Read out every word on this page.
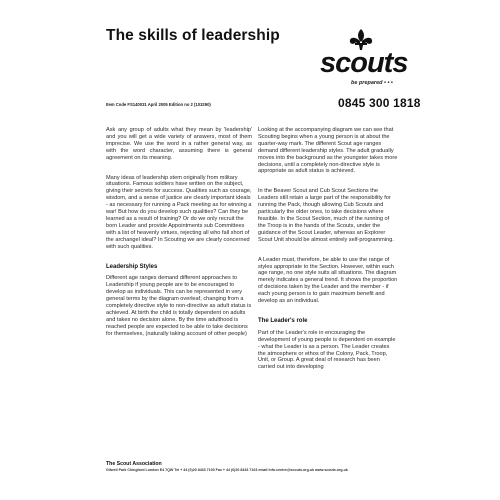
The skills of leadership
scouts
be prepared • • •
Item Code FS140031 April 2005 Edition no 2 (103290)	0845 300 1818

Ask any group of adults what they mean by 'leadership' and you will get a wide variety of answers, most of them imprecise. We use the word in a rather general way, as with the word character, assuming there is general agreement on its meaning.

Many ideas of leadership stem originally from military situations. Famous soldiers have written on the subject, giving their secrets for success. Qualities such as courage, wisdom, and a sense of justice are clearly important ideals - as necessary for running a Pack meeting as for winning a war! But how do you develop such qualities? Can they be learned as a result of training? Or do we only recruit the born Leader and provide Appointments sub Committees with a list of heavenly virtues, rejecting all who fall short of the archangel ideal? In Scouting we are clearly concerned with such qualities.

Leadership Styles

Different age ranges demand different approaches to Leadership if young people are to be encouraged to develop as individuals. This can be represented in very general terms by the diagram overleaf, changing from a completely directive style to non-directive as adult status is achieved. At birth the child is totally dependent on adults and takes no decision alone. By the time adulthood is reached people are expected to be able to take decisions for themselves, (naturally taking account of other people)

Looking at the accompanying diagram we can see that Scouting begins when a young person is at about the quarter-way mark. The different Scout age ranges demand different leadership styles. The adult gradually moves into the background as the youngster takes more decisions, until a completely non-directive style is appropriate as adult status is achieved.

In the Beaver Scout and Cub Scout Sections the Leaders still retain a large part of the responsibility for running the Pack, though allowing Cub Scouts and particularly the older ones, to take decisions where feasible. In the Scout Section, much of the running of the Troop is in the hands of the Scouts, under the guidance of the Scout Leader, whereas an Explorer Scout Unit should be almost entirely self-programming.

A Leader must, therefore, be able to use the range of styles appropriate to the Section. However, within each age range, no one style suits all situations. The diagram merely indicates a general trend. It shows the proportion of decisions taken by the Leader and the member - if each young person is to gain maximum benefit and develop as an individual.

The Leader's role

Part of the Leader's role in encouraging the development of young people is dependent on example - what the Leader is as a person. The Leader creates the atmosphere or ethos of the Colony, Pack, Troop, Unit, or Group. A great deal of research has been carried out into developing

The Scout Association
Gilwell Park Chingford London E4 7QW Tel + 44 (0)20 8433 7100 Fax + 44 (0)20 8433 7103 email info.centre@scouts.org.uk www.scouts.org.uk
